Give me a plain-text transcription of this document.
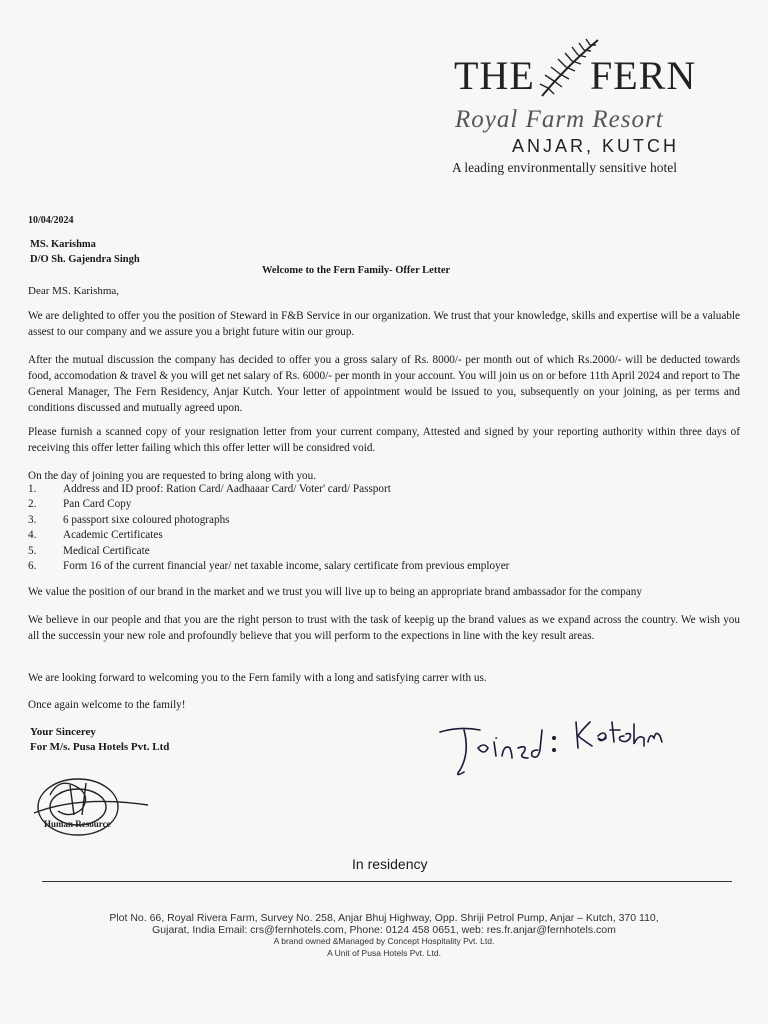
THE FERN
Royal Farm Resort
ANJAR, KUTCH
A leading environmentally sensitive hotel
10/04/2024
MS. Karishma
D/O Sh. Gajendra Singh
Welcome to the Fern Family- Offer Letter
Dear MS. Karishma,
We are delighted to offer you the position of Steward in F&B Service in our organization. We trust that your knowledge, skills and expertise will be a valuable assest to our company and we assure you a bright future witin our group.
After the mutual discussion the company has decided to offer you a gross salary of Rs. 8000/- per month out of which Rs.2000/- will be deducted towards food, accomodation & travel & you will get net salary of Rs. 6000/- per month in your account. You will join us on or before 11th April 2024 and report to The General Manager, The Fern Residency, Anjar Kutch. Your letter of appointment would be issued to you, subsequently on your joining, as per terms and conditions discussed and mutually agreed upon.
Please furnish a scanned copy of your resignation letter from your current company, Attested and signed by your reporting authority within three days of receiving this offer letter failing which this offer letter will be considred void.
On the day of joining you are requested to bring along with you.
1. Address and ID proof: Ration Card/ Aadhaaar Card/ Voter' card/ Passport
2. Pan Card Copy
3. 6 passport sixe coloured photographs
4. Academic Certificates
5. Medical Certificate
6. Form 16 of the current financial year/ net taxable income, salary certificate from previous employer
We value the position of our brand in the market and we trust you will live up to being an appropriate brand ambassador for the company
We believe in our people and that you are the right person to trust with the task of keepig up the brand values as we expand across the country. We wish you all the successin your new role and profoundly believe that you will perform to the expections in line with the key result areas.
We are looking forward to welcoming you to the Fern family with a long and satisfying carrer with us.
Once again welcome to the family!
Your Sincerey
For M/s. Pusa Hotels Pvt. Ltd
Human Resource
In residency
Plot No. 66, Royal Rivera Farm, Survey No. 258, Anjar Bhuj Highway, Opp. Shriji Petrol Pump, Anjar – Kutch, 370 110,
Gujarat, India Email: crs@fernhotels.com, Phone: 0124 458 0651, web: res.fr.anjar@fernhotels.com
A brand owned &Managed by Concept Hospitality Pvt. Ltd.
A Unit of Pusa Hotels Pvt. Ltd.
